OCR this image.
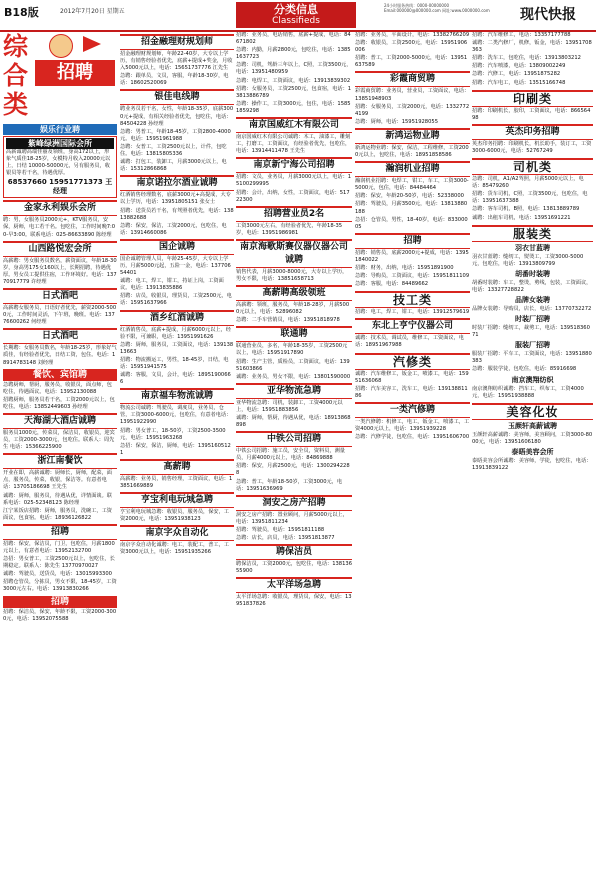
B18版	2012年7月20日 星期五	分类信息
Classifieds
24小时服务热线：0000-00000000 Email:000000@000000.com 网址:www.0000000.com	现代快报
综合类
招聘
娱乐行业聘
紫峰绿洲国际会所
高薪诚聘高端佳丽及领班，身高172以上，形象气质佳18-25岁，女模特月收入20000元以上，日结 10000-50000元，另有服务员，收银员等若干名，待遇优厚。
68537660 15951771373 王经理
金家永利娱乐会所
聘：男，女服务员2000元+，KTV服务员，安保，厨师，电工若干名。包吃住，工作时间晚7:00-早3:00。联系电话：025-86633890 陈经理
山西路悦宏会所
高薪聘：男女服务员数名，薪资面议，年龄18-30岁，身高男175女160以上，长期招聘，待遇优厚。男女员工提供住宿，工作环境好。电话：13770917779 许经理
日式酒吧
高薪聘女服务员，日语好者优先，薪资2000-5000元，工作时间灵活，下午班，晚班。电话：13776600262 何经理
日式酒吧
长期聘：女服务员数名，年龄18-25岁，形象好气质佳，有经验者优先，日结工资，包住。电话：18914783148 刘经理
餐饮、宾馆聘
急聘厨师，帮厨，服务员，收银员，面点师，包吃住，待遇面议。电话：13952130088
招聘厨师，服务员若干名，工资2000元以上，包吃住。电话：13852449603 孙经理
天海湖大酒店诚聘
服务员1000元，传菜员，保洁员，收银员，迎宾员，工资2000-3000元，包吃住。联系人：周先生 电话：15366225900
浙江南餐饮
开业在即，高薪诚聘：厨师长，厨师，配菜，面点，服务员，传菜，收银，保洁等。有意者电话：13705186698 王先生
诚聘：厨师，服务员，待遇从优，详情面谈。联系电话：025-52348123 陈经理
江宁某饭店招聘：厨师，服务员，洗碗工，工资面议，包食宿。电话：18936126822
招聘
招聘：保安，保洁员，门卫，包吃住，月薪1800元以上，有意者电话：13952132700
急招：男女普工，工资2500元以上，包吃住，长期稳定。联系人：陈先生 13770970027
诚聘：驾驶员，送货员，电话：13015993300
招聘仓管员，分拣员，男女不限，18-45岁，工资3000元左右。电话：13913830266
招聘
招聘：保洁员，保安，年龄不限，工资2000-3000元，电话：13952075588
招金融理财规划师
招金融理财规划师，年龄22-40岁，大专以上学历，有销售经验者优先，底薪+提成+奖金，月收入5000元以上，电话：15651737776 江先生
急聘：跟单员，文员，客服，年龄18-30岁，电话：18602520069
银佳电线聘
聘业务员若干名，女性，年龄18-35岁，底薪3000元+提成，有相关经验者优先，包吃住，电话：84504228 孙经理
急聘：男普工，年龄18-45岁，工资2800-4000元。电话：15951961988
急聘：女普工，工资2500元以上，计件，包吃住。电话：13815805336
诚聘：打包工，装卸工，月薪3000元以上，电话：15312866868
南京诺拉尔酒业诚聘
红酒销售经理数名，底薪3000元+高提成，大专以上学历，电话：13951805151 张女士
招聘：送货员若干名，有驾照者优先，电话：13813882688
急聘：保安，保洁，工资2000元，包吃住，电话：13914660086
国企诚聘
国企诚聘管理人员，年龄25-45岁，大专以上学历，月薪5000元起，五险一金，电话：13770654401
诚聘：电工，焊工，钳工，持证上岗，工资面议。电话：13913835886
招聘：店员，收银员，理货员，工资2500元，电话：15951637966
酒乡红酒诚聘
红酒销售员，底薪+提成，月薪6000元以上，经验不限，可兼职，电话：13951991626
急聘：厨师，服务员，工资面议，电话：13913813663
招聘：物流搬运工，男性，18-45岁，日结，电话：15951941575
诚聘：客服，文员，会计，电话：18951900666
南京福车物流诚聘
物流公司诚聘：驾驶员，调度员，业务员，仓管，工资3000-6000元，包吃住，有意者电话：13951922990
招聘：男女普工，18-50岁，工资2500-3500元，电话：15951963268
急招：保安，保洁，厨师，电话：13951605121
高薪聘
高薪聘：业务员，销售经理，工资面议，电话：13851669889
亨宝利电玩城急聘
亨宝利电玩城急聘：收银员，服务员，保安，工资2000元，电话：13951938123
南京字众自动化
南京字众自动化诚聘：电工，装配工，普工，工资3000元以上，电话：15951935266
招聘：业务员，电话销售，底薪+提成，电话：84671802
急聘：内勤，月薪2800元，包吃住，电话：13851637723
急聘：司机，驾龄三年以上，C照，工资3500元，电话：13951480959
急聘：电焊工，工资面议，电话：13913839302
招聘：女服务员，工资2500元，包食宿，电话：13813886789
急聘：操作工，工资3000元，包住，电话：15851859298
南京国威红木有限公司
南京国威红木有限公司诚聘：木工，油漆工，雕刻工，打磨工，工资面议，有经验者优先，包吃住，电话：13914411478 王先生
南京新宁海公司招聘
招聘：文员，业务员，月薪3000元以上，电话：15100299995
招聘：会计，出纳，女性，工资面议，电话：51722300
招聘营业员2名
工资3000元左右，有经验者优先，年龄18-35岁，电话：13951986981
南京海歌斯赛仪器仪器公司诚聘
销售代表，月薪3000-8000元，大专以上学历，男女不限，电话：13851658713
高薪聘高级领班
高薪聘：领班，服务员，年龄18-28岁，月薪5000元以上，电话：52896082
急聘：二手车营销员，电话：13951818978
联通聘
联通营业员，多名，年龄18-35岁，工资2500元以上，电话：15951917890
招聘：生产主管，质检员，工资面议，电话：13951603866
诚聘：业务员，男女不限，电话：13801590000
亚华物流急聘
亚华物流急聘：司机，装卸工，工资4000元以上，电话：15951883856
诚聘：厨师，帮厨，待遇从优，电话：18913868898
中铁公司招聘
中铁公司招聘：施工员，安全员，资料员，测量员，月薪4000元以上，电话：84869888
招聘：保安，月薪2500元，电话：13002942288
急聘：普工，年龄18-50岁，工资3000元，电话：13951636969
洞安之房产招聘
洞安之房产招聘：置业顾问，月薪5000元以上，电话：13951811234
招聘：驾驶员，电话：15951811188
急聘：店长，店员，电话：13951813877
聘保洁员
聘保洁员，工资2000元，包吃住，电话：13813655900
太平洋场急聘
太平洋场急聘：收银员，理货员，保安，电话：13951837826
招聘：业务员，平面设计，电话：13382766209
急聘：收银员，工资2500元，电话：15951906006
招聘：普工，工资2000-5000元，电话：13951637589
彩霞商贸聘
彩霞商贸聘：业务员，营业员，工资面议，电话：13851948903
招聘：女服务员，工资2000元，电话：13327724199
急聘：厨师，电话：15951928055
新鸿运物业聘
新鸿运物业聘：保安，保洁，工程维修，工资2000元以上，包吃住，电话：18951858586
瀚润机业招聘
瀚润机业招聘：电焊工，钳工，车工，工资3000-5000元，包住，电话：84484464
招聘：保安，年龄20-50岁，电话：52338000
招聘：驾驶员，月薪3500元，电话：13813880188
急招：仓管员，男性，18-40岁，电话：83300005
招聘
招聘：销售员，底薪2000元+提成，电话：13951840022
招聘：财务，出纳，电话：15951891900
急聘：导购员，工资面议，电话：15951811109
急聘：客服，电话：84489662
技工类
招聘：电工，焊工，钳工，电话：13912579619
东北上亨宁仪器公司
诚聘：技术员，调试员，维修工，工资面议，电话：18951967988
汽修类
诚聘：汽车维修工，钣金工，喷漆工，电话：15951636068
招聘：汽车美容工，洗车工，电话：13913881186
一类汽修聘
一类汽修聘：机修工，电工，钣金工，喷漆工，工资4000元以上，电话：13951939228
急聘：汽修学徒，包吃住，电话：13951606700
招聘：汽车维修工，电话：13357177788
诚聘：二类汽修厂，机修，钣金，电话：13951708363
招聘：洗车工，包吃住，电话：13913803212
招聘：汽车喷漆，电话：13809002249
急聘：汽修工，电话：13951875282
招聘：汽车电工，电话：13515166748
印刷类
招聘：印刷机长，胶印，工资面议，电话：86656498
英杰印务招聘
英杰印务招聘：印刷机长，机长助手，装订工，工资3000-6000元，电话：52767249
司机类
急聘：司机，A1/A2驾照，月薪5000元以上，电话：85479260
招聘：货车司机，C照，工资3500元，包吃住，电话：13951637388
急聘：客车司机，B照，电话：13813889789
诚聘：出租车司机，电话：13951691221
服装类
羽衣甘蓝聘
羽衣甘蓝聘：缝纫工，熨烫工，工资3000-5000元，包吃住，电话：13913809799
胡番时装聘
胡番时装聘：车工，整烫，剪线，包装，工资面议，电话：13327728822
品牌女装聘
品牌女装聘：导购员，店长，电话：13770732272
时装厂招聘
时装厂招聘：缝纫工，裁剪工，电话：13951836071
服装厂招聘
服装厂招聘：平车工，工资面议，电话：13951880383
急聘：服装学徒，包吃住，电话：85916698
南京澳翔纺织
南京澳翔纺织诚聘：挡车工，织布工，工资4000元，电话：15951938888
美容化妆
玉颜轩高薪诚聘
玉颜轩高薪诚聘：美容师，美容顾问，工资3000-8000元，电话：13951606180
泰晤美容会所
泰晤美容会所诚聘：美容师，学徒，包吃住，电话：13913839122
